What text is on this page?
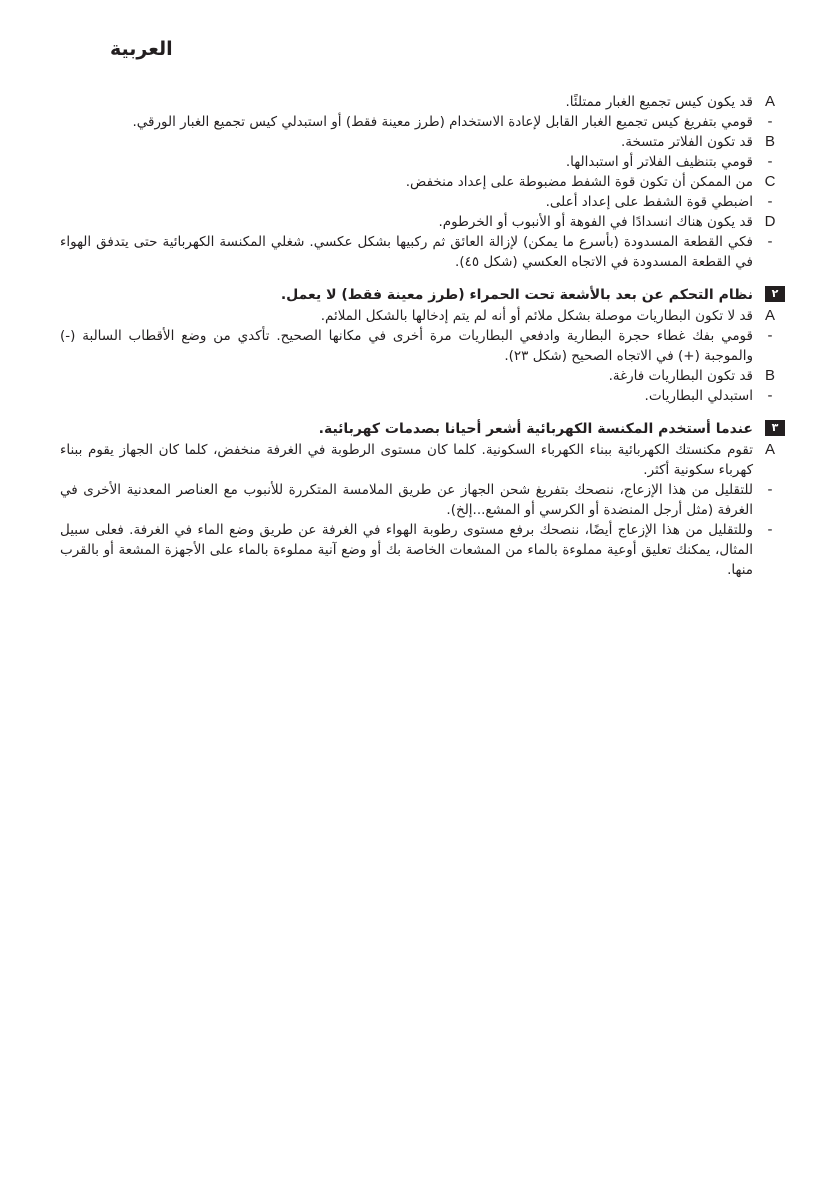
العربية
A
قد يكون كيس تجميع الغبار ممتلئًا.
-
قومي بتفريغ كيس تجميع الغبار القابل لإعادة الاستخدام (طرز معينة فقط) أو استبدلي كيس تجميع الغبار الورقي.
B
قد تكون الفلاتر متسخة.
-
قومي بتنظيف الفلاتر أو استبدالها.
C
من الممكن أن تكون قوة الشفط مضبوطة على إعداد منخفض.
-
اضبطي قوة الشفط على إعداد أعلى.
D
قد يكون هناك انسدادًا في الفوهة أو الأنبوب أو الخرطوم.
-
فكي القطعة المسدودة (بأسرع ما يمكن) لإزالة العائق ثم ركبيها بشكل عكسي. شغلي المكنسة الكهربائية حتى يتدفق الهواء في القطعة المسدودة في الاتجاه العكسي (شكل ٤٥).
٢
نظام التحكم عن بعد بالأشعة تحت الحمراء (طرز معينة فقط) لا يعمل.
A
قد لا تكون البطاريات موصلة بشكل ملائم أو أنه لم يتم إدخالها بالشكل الملائم.
-
قومي بفك غطاء حجرة البطارية وادفعي البطاريات مرة أخرى في مكانها الصحيح. تأكدي من وضع الأقطاب السالبة (-) والموجبة (+) في الاتجاه الصحيح (شكل ٢٣).
B
قد تكون البطاريات فارغة.
-
استبدلي البطاريات.
٣
عندما أستخدم المكنسة الكهربائية أشعر أحيانا بصدمات كهربائية.
A
تقوم مكنستك الكهربائية ببناء الكهرباء السكونية. كلما كان مستوى الرطوبة في الغرفة منخفض، كلما كان الجهاز يقوم ببناء كهرباء سكونية أكثر.
-
للتقليل من هذا الإزعاج، ننصحك بتفريغ شحن الجهاز عن طريق الملامسة المتكررة للأنبوب مع العناصر المعدنية الأخرى في الغرفة (مثل أرجل المنضدة أو الكرسي أو المشع...إلخ).
-
وللتقليل من هذا الإزعاج أيضًا، ننصحك برفع مستوى رطوبة الهواء في الغرفة عن طريق وضع الماء في الغرفة. فعلى سبيل المثال، يمكنك تعليق أوعية مملوءة بالماء من المشعات الخاصة بك أو وضع آنية مملوءة بالماء على الأجهزة المشعة أو بالقرب منها.
